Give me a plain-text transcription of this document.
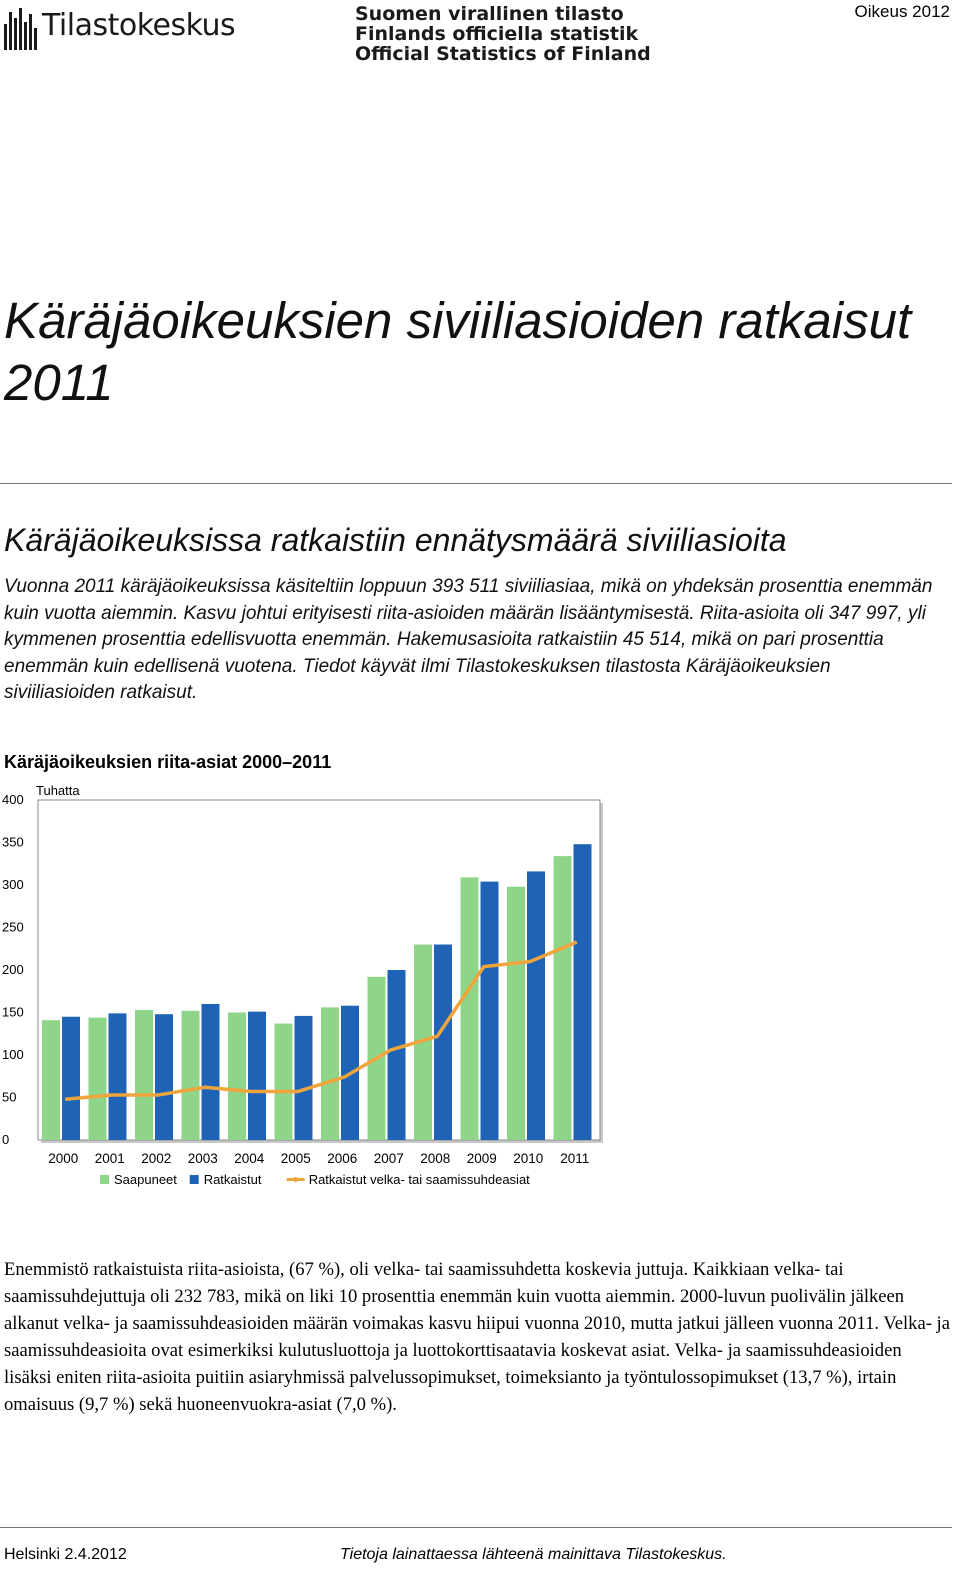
Tilastokeskus	Suomen virallinen tilasto
Finlands officiella statistik
Official Statistics of Finland
Oikeus 2012
Käräjäoikeuksien siviiliasioiden ratkaisut 2011
Käräjäoikeuksissa ratkaistiin ennätysmäärä siviiliasioita
Vuonna 2011 käräjäoikeuksissa käsiteltiin loppuun 393 511 siviiliasiaa, mikä on yhdeksän prosenttia enemmän kuin vuotta aiemmin. Kasvu johtui erityisesti riita-asioiden määrän lisääntymisestä. Riita-asioita oli 347 997, yli kymmenen prosenttia edellisvuotta enemmän. Hakemusasioita ratkaistiin 45 514, mikä on pari prosenttia enemmän kuin edellisenä vuotena. Tiedot käyvät ilmi Tilastokeskuksen tilastosta Käräjäoikeuksien siviiliasioiden ratkaisut.
Käräjäoikeuksien riita-asiat 2000–2011
Tuhatta
0
50
100
150
200
250
300
350
400
2000 2001 2002 2003 2004 2005 2006 2007 2008 2009 2010 2011
Saapuneet Ratkaistut	Ratkaistut velka- tai saamissuhdeasiat
Enemmistö ratkaistuista riita-asioista, (67 %), oli velka- tai saamissuhdetta koskevia juttuja. Kaikkiaan velka- tai saamissuhdejuttuja oli 232 783, mikä on liki 10 prosenttia enemmän kuin vuotta aiemmin. 2000-luvun puolivälin jälkeen alkanut velka- ja saamissuhdeasioiden määrän voimakas kasvu hiipui vuonna 2010, mutta jatkui jälleen vuonna 2011. Velka- ja saamissuhdeasioita ovat esimerkiksi kulutusluottoja ja luottokorttisaatavia koskevat asiat. Velka- ja saamissuhdeasioiden lisäksi eniten riita-asioita puitiin asiaryhmissä palvelussopimukset, toimeksianto ja työntulossopimukset (13,7 %), irtain omaisuus (9,7 %) sekä huoneenvuokra-asiat (7,0 %).
Helsinki 2.4.2012	Tietoja lainattaessa lähteenä mainittava Tilastokeskus.
